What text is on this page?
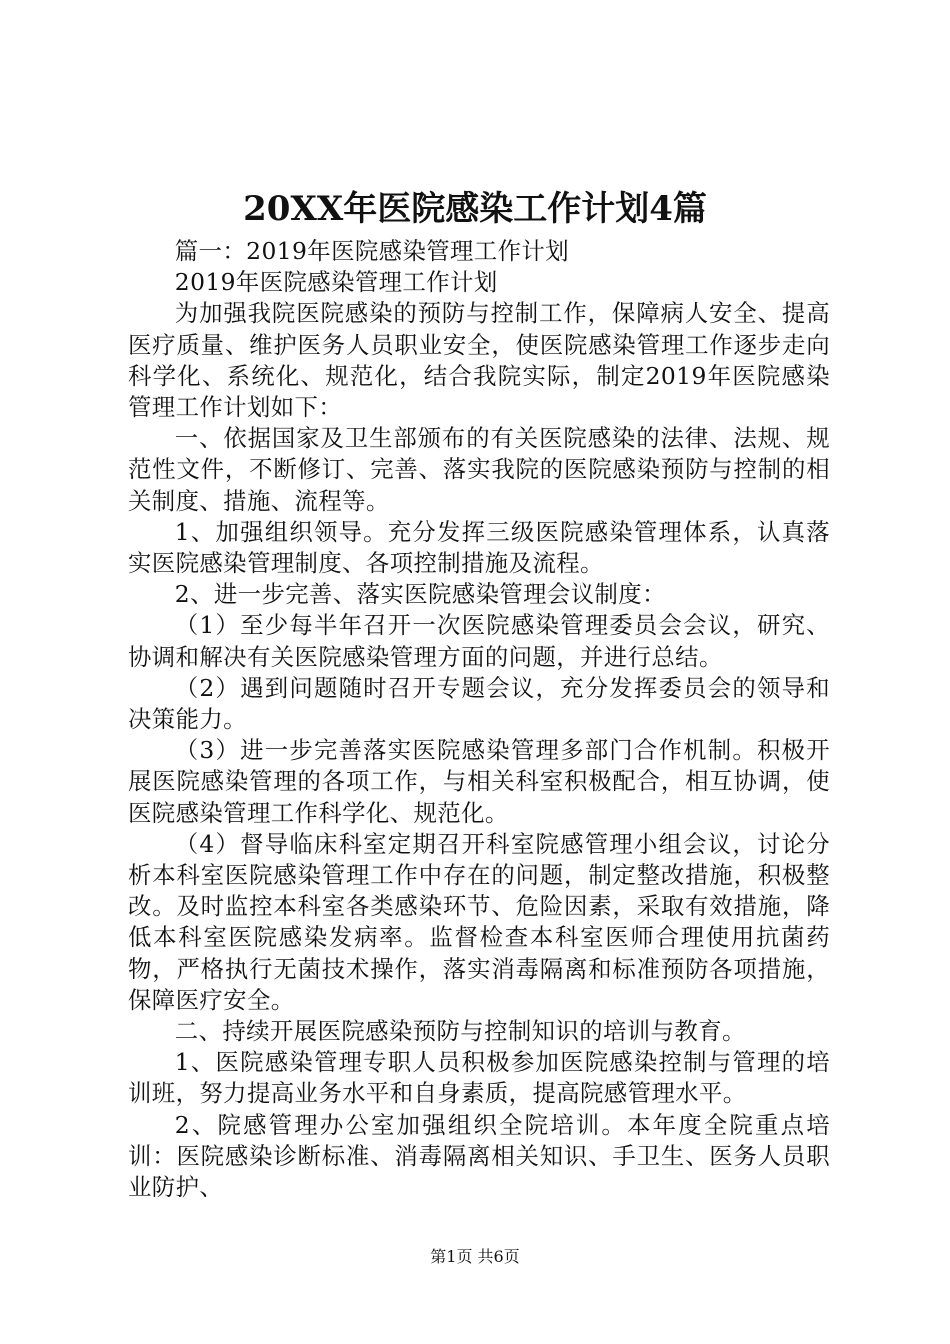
20XX年医院感染工作计划4篇

篇一：2019年医院感染管理工作计划

2019年医院感染管理工作计划

为加强我院医院感染的预防与控制工作，保障病人安全、提高医疗质量、维护医务人员职业安全，使医院感染管理工作逐步走向科学化、系统化、规范化，结合我院实际，制定2019年医院感染管理工作计划如下：

一、依据国家及卫生部颁布的有关医院感染的法律、法规、规范性文件，不断修订、完善、落实我院的医院感染预防与控制的相关制度、措施、流程等。

1、加强组织领导。充分发挥三级医院感染管理体系，认真落实医院感染管理制度、各项控制措施及流程。

2、进一步完善、落实医院感染管理会议制度：

（1）至少每半年召开一次医院感染管理委员会会议，研究、协调和解决有关医院感染管理方面的问题，并进行总结。

（2）遇到问题随时召开专题会议，充分发挥委员会的领导和决策能力。

（3）进一步完善落实医院感染管理多部门合作机制。积极开展医院感染管理的各项工作，与相关科室积极配合，相互协调，使医院感染管理工作科学化、规范化。

（4）督导临床科室定期召开科室院感管理小组会议，讨论分析本科室医院感染管理工作中存在的问题，制定整改措施，积极整改。及时监控本科室各类感染环节、危险因素，采取有效措施，降低本科室医院感染发病率。监督检查本科室医师合理使用抗菌药物，严格执行无菌技术操作，落实消毒隔离和标准预防各项措施，保障医疗安全。

二、持续开展医院感染预防与控制知识的培训与教育。

1、医院感染管理专职人员积极参加医院感染控制与管理的培训班，努力提高业务水平和自身素质，提高院感管理水平。

2、院感管理办公室加强组织全院培训。本年度全院重点培训：医院感染诊断标准、消毒隔离相关知识、手卫生、医务人员职业防护、

第1页 共6页
